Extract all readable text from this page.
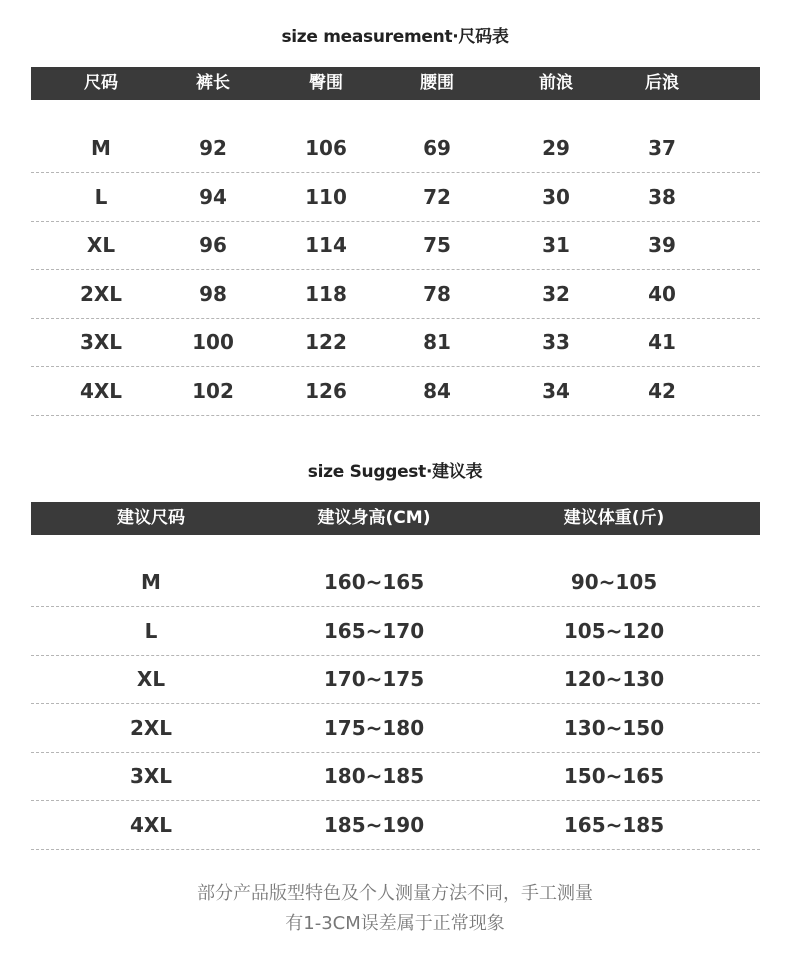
size measurement·尺码表
尺码	裤长	臀围	腰围	前浪	后浪
M	92	106	69	29	37
L	94	110	72	30	38
XL	96	114	75	31	39
2XL	98	118	78	32	40
3XL	100	122	81	33	41
4XL	102	126	84	34	42
size Suggest·建议表
建议尺码	建议身高(CM)	建议体重(斤)
M	160~165	90~105
L	165~170	105~120
XL	170~175	120~130
2XL	175~180	130~150
3XL	180~185	150~165
4XL	185~190	165~185
部分产品版型特色及个人测量方法不同，手工测量
有1-3CM误差属于正常现象
